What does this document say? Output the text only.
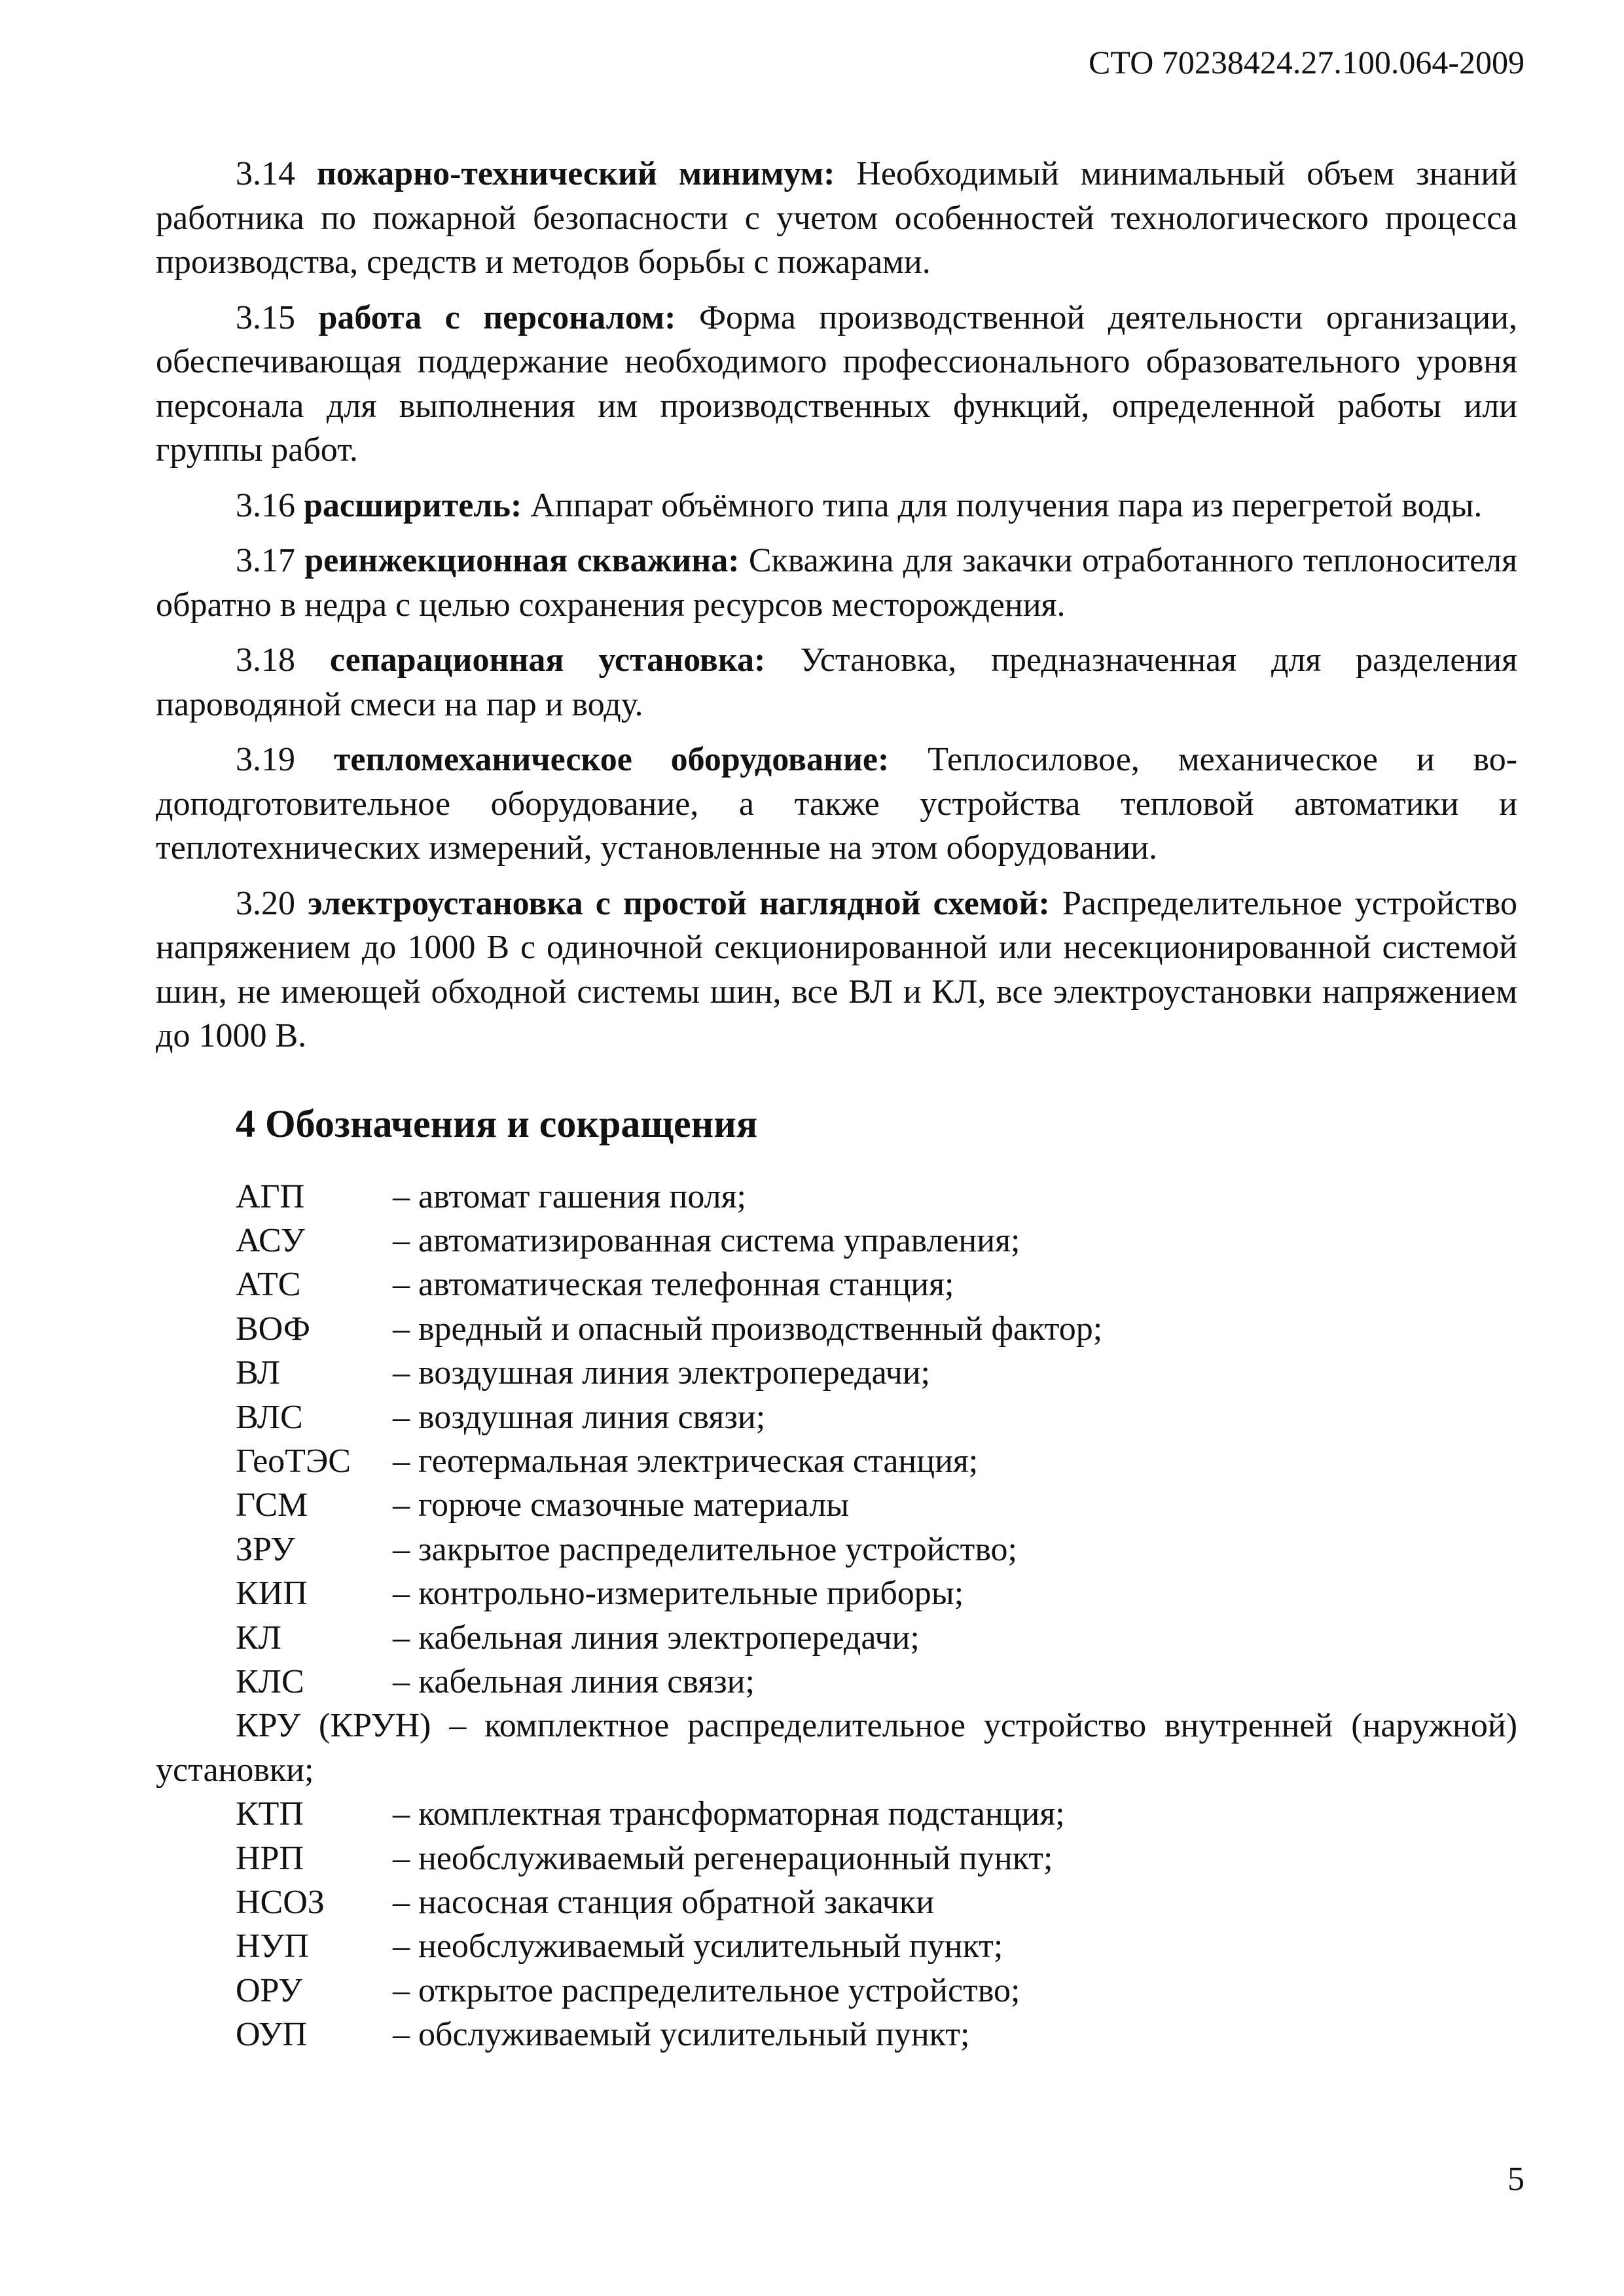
СТО 70238424.27.100.064-2009

3.14 пожарно-технический минимум: Необходимый минимальный объем знаний работника по пожарной безопасности с учетом особенностей технологического процесса производства, средств и методов борьбы с пожарами.

3.15 работа с персоналом: Форма производственной деятельности организации, обеспечивающая поддержание необходимого профессионального образовательного уровня персонала для выполнения им производственных функций, определенной работы или группы работ.

3.16 расширитель: Аппарат объёмного типа для получения пара из перегретой воды.

3.17 реинжекционная скважина: Скважина для закачки отработанного теплоносителя обратно в недра с целью сохранения ресурсов месторождения.

3.18 сепарационная установка: Установка, предназначенная для разделения пароводяной смеси на пар и воду.

3.19 тепломеханическое оборудование: Теплосиловое, механическое и водоподготовительное оборудование, а также устройства тепловой автоматики и теплотехнических измерений, установленные на этом оборудовании.

3.20 электроустановка с простой наглядной схемой: Распределительное устройство напряжением до 1000 В с одиночной секционированной или несекционированной системой шин, не имеющей обходной системы шин, все ВЛ и КЛ, все электроустановки напряжением до 1000 В.

4 Обозначения и сокращения
АГП	– автомат гашения поля;
АСУ	– автоматизированная система управления;
АТС	– автоматическая телефонная станция;
ВОФ	– вредный и опасный производственный фактор;
ВЛ	– воздушная линия электропередачи;
ВЛС	– воздушная линия связи;
ГеоТЭС	– геотермальная электрическая станция;
ГСМ	– горюче смазочные материалы
ЗРУ	– закрытое распределительное устройство;
КИП	– контрольно-измерительные приборы;
КЛ	– кабельная линия электропередачи;
КЛС	– кабельная линия связи;
КРУ (КРУН) – комплектное распределительное устройство внутренней (наружной) установки;
КТП	– комплектная трансформаторная подстанция;
НРП	– необслуживаемый регенерационный пункт;
НСОЗ	– насосная станция обратной закачки
НУП	– необслуживаемый усилительный пункт;
ОРУ	– открытое распределительное устройство;
ОУП	– обслуживаемый усилительный пункт;
5
